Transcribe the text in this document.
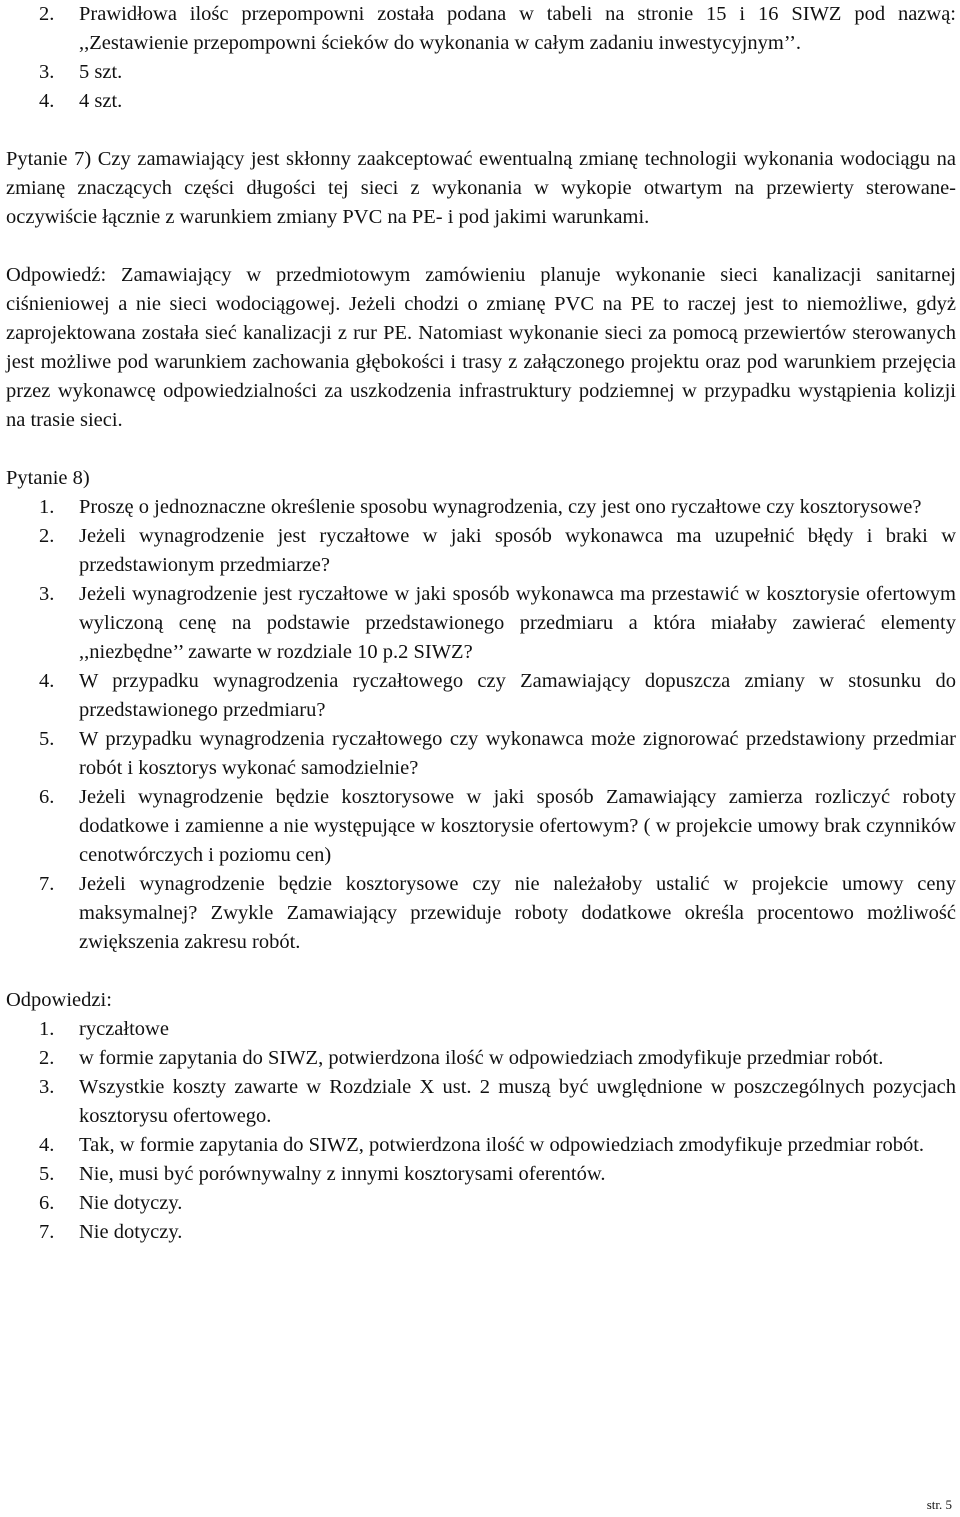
2. Prawidłowa ilośc przepompowni została podana w tabeli na stronie 15 i 16 SIWZ pod nazwą: ,,Zestawienie przepompowni ścieków do wykonania w całym zadaniu inwestycyjnym’’.

3. 5 szt.

4. 4 szt.

Pytanie 7) Czy zamawiający jest skłonny zaakceptować ewentualną zmianę technologii wykonania wodociągu na zmianę znaczących części długości tej sieci z wykonania w wykopie otwartym na przewierty sterowane- oczywiście łącznie z warunkiem zmiany PVC na PE- i pod jakimi warunkami.

Odpowiedź: Zamawiający w przedmiotowym zamówieniu planuje wykonanie sieci kanalizacji sanitarnej ciśnieniowej a nie sieci wodociągowej. Jeżeli chodzi o zmianę PVC na PE to raczej jest to niemożliwe, gdyż zaprojektowana została sieć kanalizacji z rur PE. Natomiast wykonanie sieci za pomocą przewiertów sterowanych jest możliwe pod warunkiem zachowania głębokości i trasy z załączonego projektu oraz pod warunkiem przejęcia przez wykonawcę odpowiedzialności za uszkodzenia infrastruktury podziemnej w przypadku wystąpienia kolizji na trasie sieci.

Pytanie 8)

1. Proszę o jednoznaczne określenie sposobu wynagrodzenia, czy jest ono ryczałtowe czy kosztorysowe?

2. Jeżeli wynagrodzenie jest ryczałtowe w jaki sposób wykonawca ma uzupełnić błędy i braki w przedstawionym przedmiarze?

3. Jeżeli wynagrodzenie jest ryczałtowe w jaki sposób wykonawca ma przestawić w kosztorysie ofertowym wyliczoną cenę na podstawie przedstawionego przedmiaru a która miałaby zawierać elementy ,,niezbędne’’ zawarte w rozdziale 10 p.2 SIWZ?

4. W przypadku wynagrodzenia ryczałtowego czy Zamawiający dopuszcza zmiany w stosunku do przedstawionego przedmiaru?

5. W przypadku wynagrodzenia ryczałtowego czy wykonawca może zignorować przedstawiony przedmiar robót i kosztorys wykonać samodzielnie?

6. Jeżeli wynagrodzenie będzie kosztorysowe w jaki sposób Zamawiający zamierza rozliczyć roboty dodatkowe i zamienne a nie występujące w kosztorysie ofertowym? ( w projekcie umowy brak czynników cenotwórczych i poziomu cen)

7. Jeżeli wynagrodzenie będzie kosztorysowe czy nie należałoby ustalić w projekcie umowy ceny maksymalnej? Zwykle Zamawiający przewiduje roboty dodatkowe określa procentowo możliwość zwiększenia zakresu robót.

Odpowiedzi:

1. ryczałtowe

2. w formie zapytania do SIWZ, potwierdzona ilość w odpowiedziach zmodyfikuje przedmiar robót.

3. Wszystkie koszty zawarte w Rozdziale X ust. 2 muszą być uwględnione w poszczególnych pozycjach kosztorysu ofertowego.

4. Tak, w formie zapytania do SIWZ, potwierdzona ilość w odpowiedziach zmodyfikuje przedmiar robót.

5. Nie, musi być porównywalny z innymi kosztorysami oferentów.

6. Nie dotyczy.

7. Nie dotyczy.

str. 5
